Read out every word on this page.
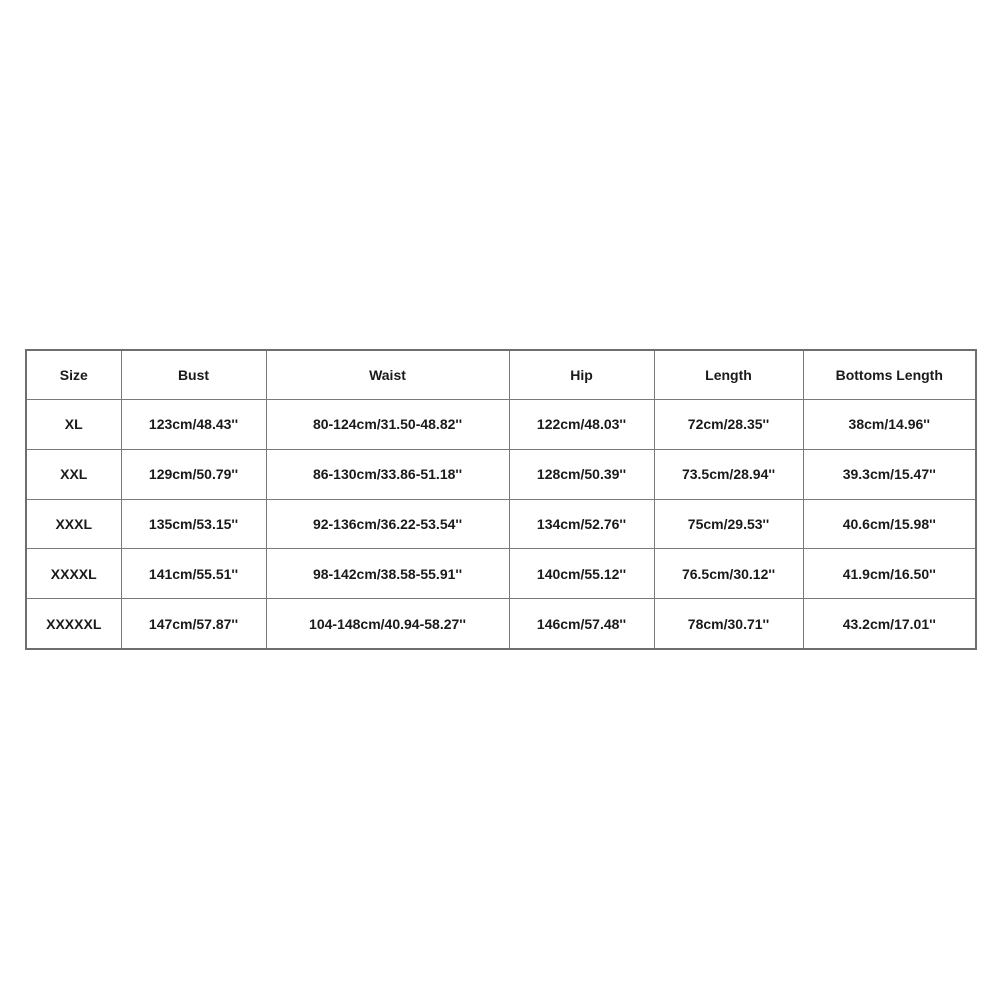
Size	Bust	Waist	Hip	Length	Bottoms Length
XL	123cm/48.43''	80-124cm/31.50-48.82''	122cm/48.03''	72cm/28.35''	38cm/14.96''
XXL	129cm/50.79''	86-130cm/33.86-51.18''	128cm/50.39''	73.5cm/28.94''	39.3cm/15.47''
XXXL	135cm/53.15''	92-136cm/36.22-53.54''	134cm/52.76''	75cm/29.53''	40.6cm/15.98''
XXXXL	141cm/55.51''	98-142cm/38.58-55.91''	140cm/55.12''	76.5cm/30.12''	41.9cm/16.50''
XXXXXL	147cm/57.87''	104-148cm/40.94-58.27''	146cm/57.48''	78cm/30.71''	43.2cm/17.01''
